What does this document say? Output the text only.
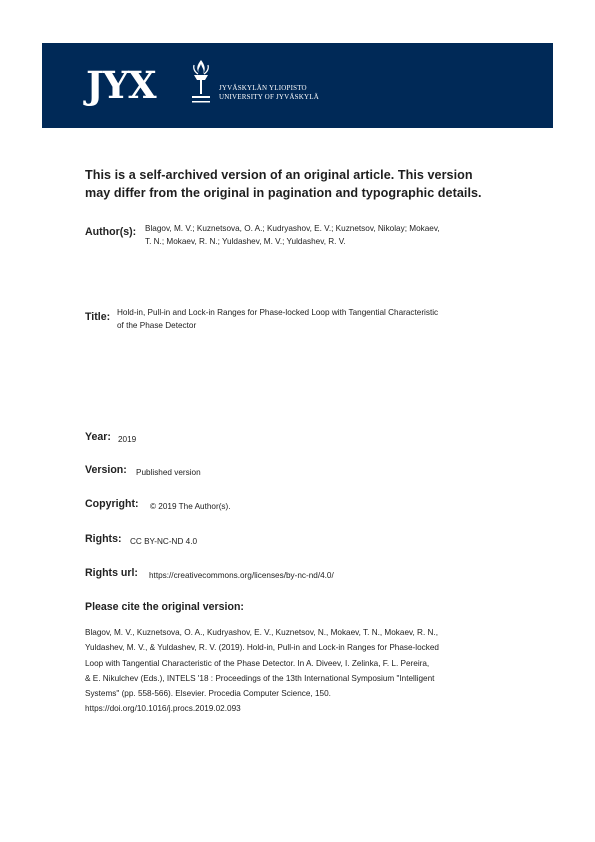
JYX	JYVÄSKYLÄN YLIOPISTO
UNIVERSITY OF JYVÄSKYLÄ
This is a self-archived version of an original article. This version
may differ from the original in pagination and typographic details.
Author(s): Blagov, M. V.; Kuznetsova, O. A.; Kudryashov, E. V.; Kuznetsov, Nikolay; Mokaev,
T. N.; Mokaev, R. N.; Yuldashev, M. V.; Yuldashev, R. V.
Title: Hold-in, Pull-in and Lock-in Ranges for Phase-locked Loop with Tangential Characteristic
of the Phase Detector
Year: 2019
Version: Published version
Copyright: © 2019 The Author(s).
Rights: CC BY-NC-ND 4.0
Rights url: https://creativecommons.org/licenses/by-nc-nd/4.0/
Please cite the original version:
Blagov, M. V., Kuznetsova, O. A., Kudryashov, E. V., Kuznetsov, N., Mokaev, T. N., Mokaev, R. N.,
Yuldashev, M. V., & Yuldashev, R. V. (2019). Hold-in, Pull-in and Lock-in Ranges for Phase-locked
Loop with Tangential Characteristic of the Phase Detector. In A. Diveev, I. Zelinka, F. L. Pereira,
& E. Nikulchev (Eds.), INTELS '18 : Proceedings of the 13th International Symposium "Intelligent
Systems" (pp. 558-566). Elsevier. Procedia Computer Science, 150.
https://doi.org/10.1016/j.procs.2019.02.093
